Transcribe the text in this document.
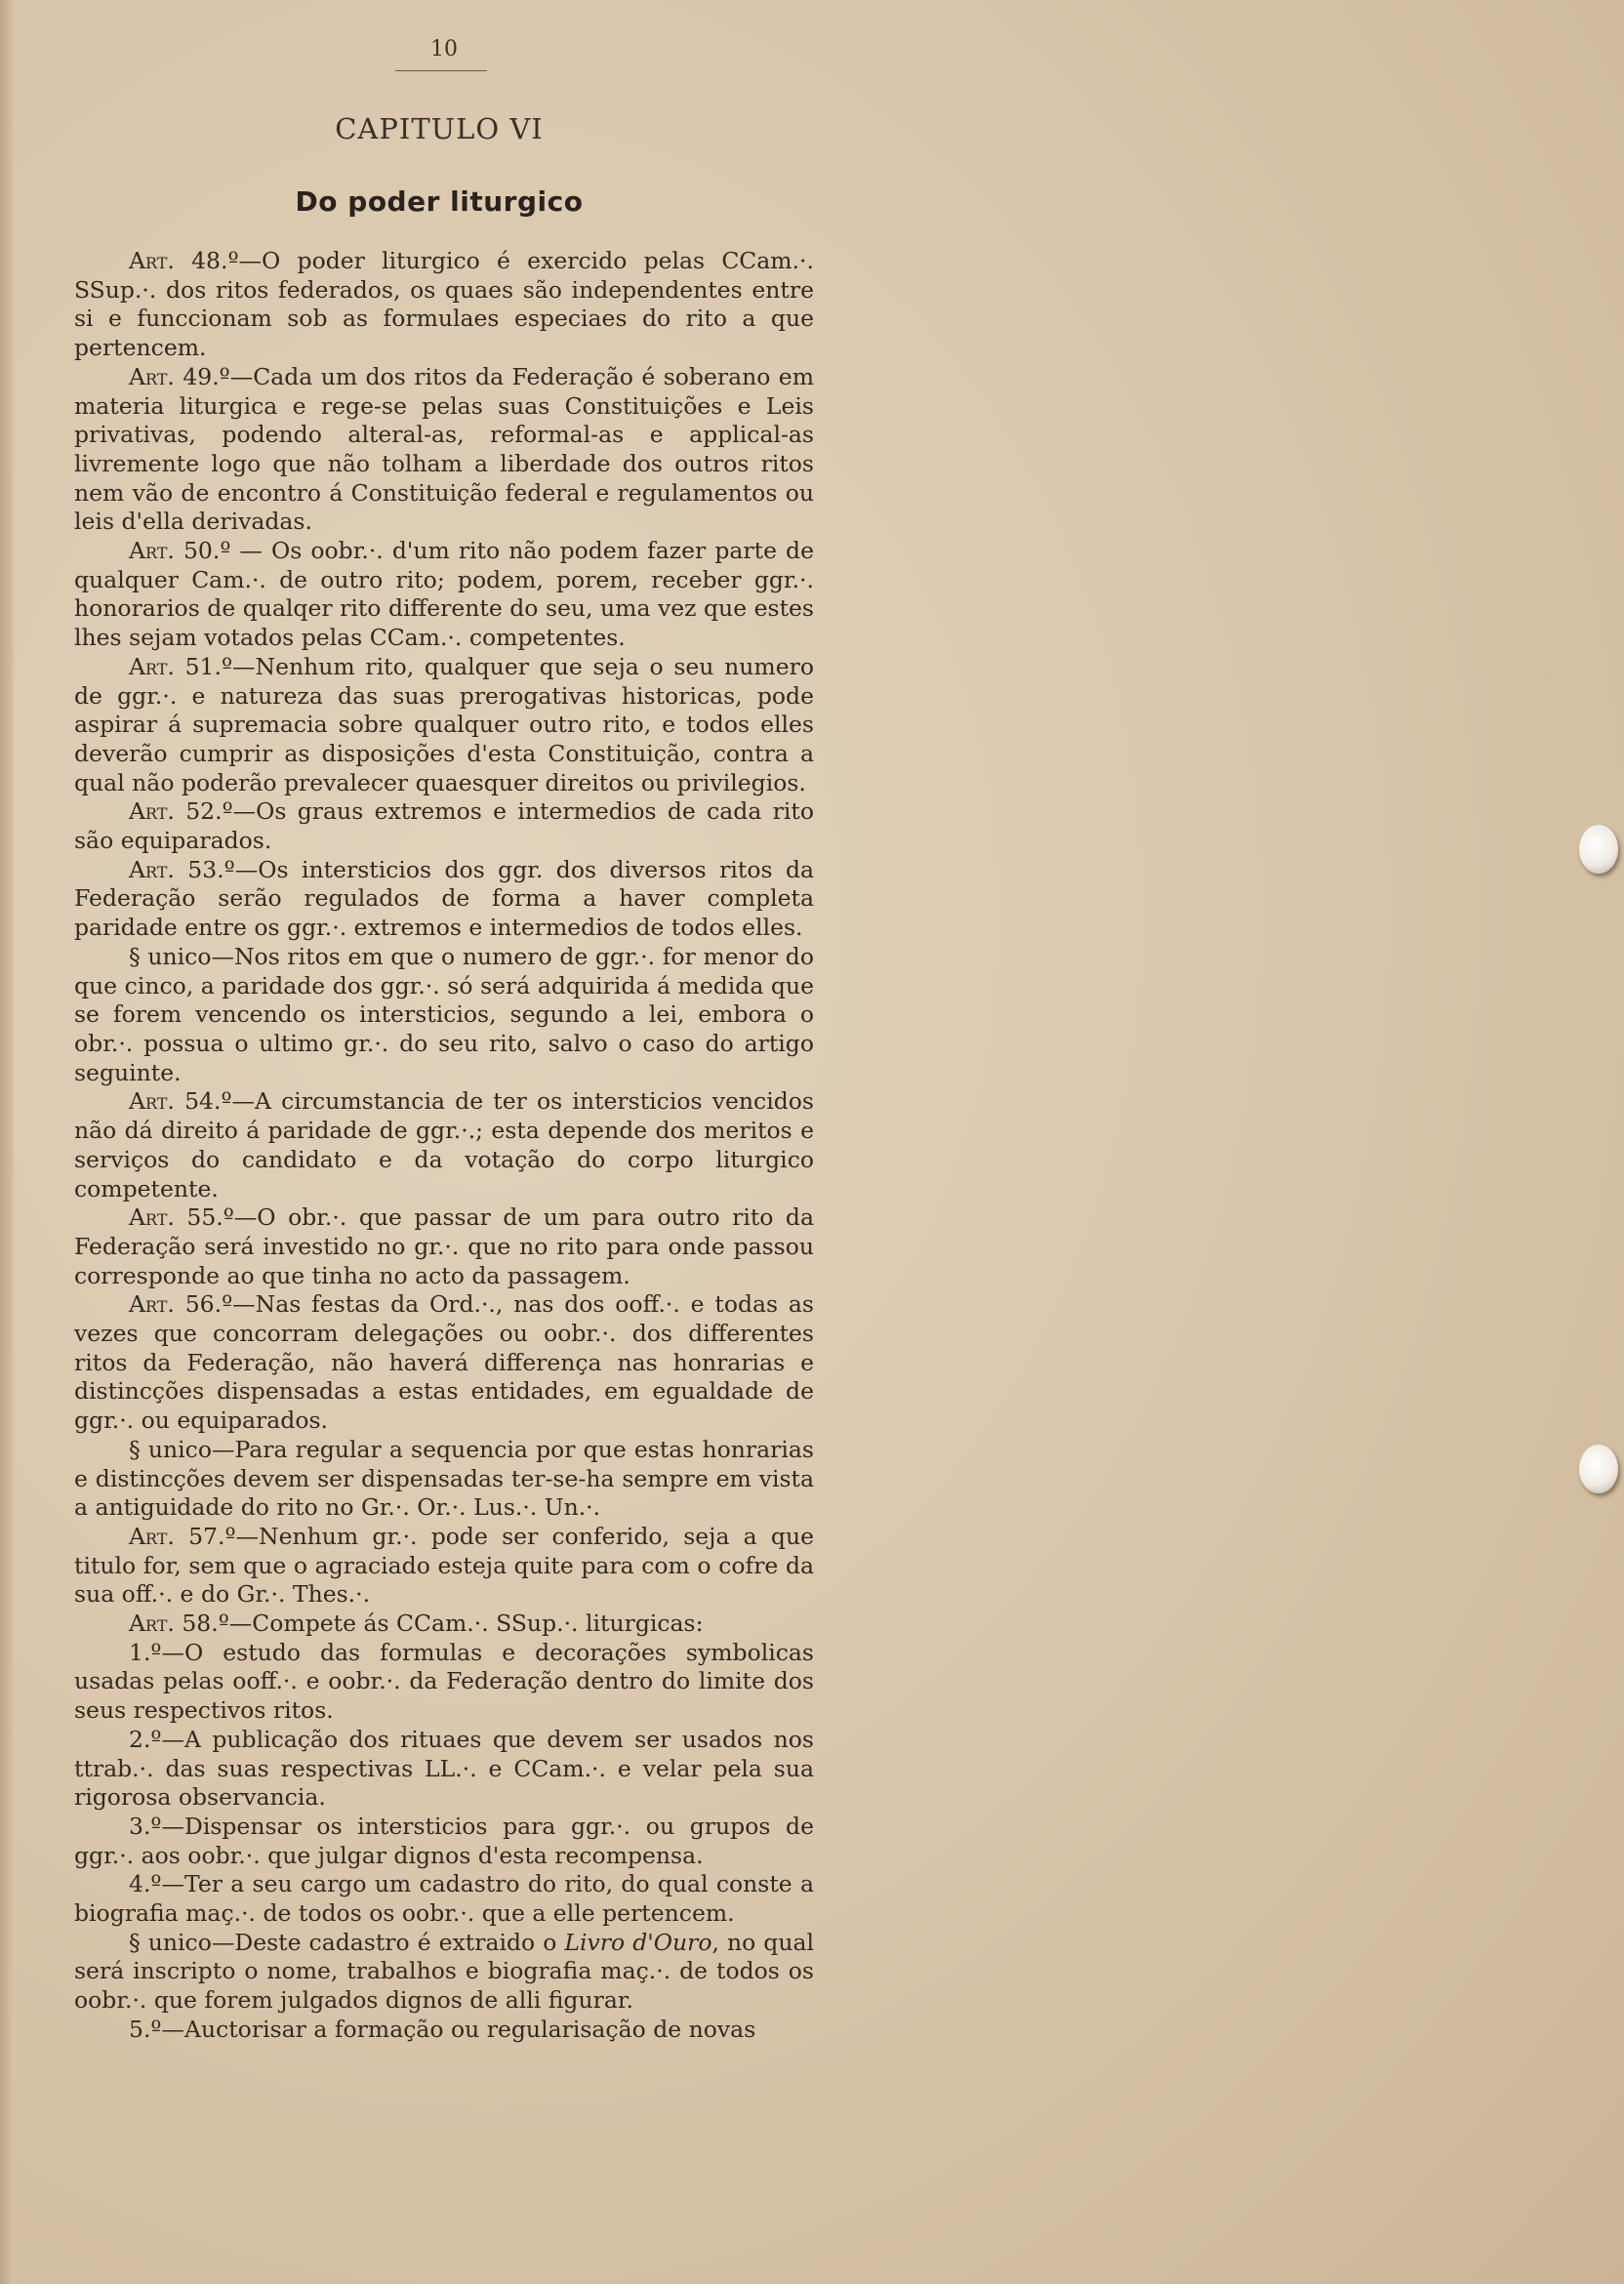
10
CAPITULO VI
Do poder liturgico

Art. 48.º—O poder liturgico é exercido pelas CCam.·. SSup.·. dos ritos federados, os quaes são independentes entre si e funccionam sob as formulaes especiaes do rito a que pertencem.

Art. 49.º—Cada um dos ritos da Federação é soberano em materia liturgica e rege-se pelas suas Constituições e Leis privativas, podendo alteral-as, reformal-as e applical-as livremente logo que não tolham a liberdade dos outros ritos nem vão de encontro á Constituição federal e regulamentos ou leis d'ella derivadas.

Art. 50.º — Os oobr.·. d'um rito não podem fazer parte de qualquer Cam.·. de outro rito; podem, porem, receber ggr.·. honorarios de qualqer rito differente do seu, uma vez que estes lhes sejam votados pelas CCam.·. competentes.

Art. 51.º—Nenhum rito, qualquer que seja o seu numero de ggr.·. e natureza das suas prerogativas historicas, pode aspirar á supremacia sobre qualquer outro rito, e todos elles deverão cumprir as disposições d'esta Constituição, contra a qual não poderão prevalecer quaesquer direitos ou privilegios.

Art. 52.º—Os graus extremos e intermedios de cada rito são equiparados.

Art. 53.º—Os intersticios dos ggr. dos diversos ritos da Federação serão regulados de forma a haver completa paridade entre os ggr.·. extremos e intermedios de todos elles.

§ unico—Nos ritos em que o numero de ggr.·. for menor do que cinco, a paridade dos ggr.·. só será adquirida á medida que se forem vencendo os intersticios, segundo a lei, embora o obr.·. possua o ultimo gr.·. do seu rito, salvo o caso do artigo seguinte.

Art. 54.º—A circumstancia de ter os intersticios vencidos não dá direito á paridade de ggr.·.; esta depende dos meritos e serviços do candidato e da votação do corpo liturgico competente.

Art. 55.º—O obr.·. que passar de um para outro rito da Federação será investido no gr.·. que no rito para onde passou corresponde ao que tinha no acto da passagem.

Art. 56.º—Nas festas da Ord.·., nas dos ooff.·. e todas as vezes que concorram delegações ou oobr.·. dos differentes ritos da Federação, não haverá differença nas honrarias e distincções dispensadas a estas entidades, em egualdade de ggr.·. ou equiparados.

§ unico—Para regular a sequencia por que estas honrarias e distincções devem ser dispensadas ter-se-ha sempre em vista a antiguidade do rito no Gr.·. Or.·. Lus.·. Un.·.

Art. 57.º—Nenhum gr.·. pode ser conferido, seja a que titulo for, sem que o agraciado esteja quite para com o cofre da sua off.·. e do Gr.·. Thes.·.

Art. 58.º—Compete ás CCam.·. SSup.·. liturgicas:

1.º—O estudo das formulas e decorações symbolicas usadas pelas ooff.·. e oobr.·. da Federação dentro do limite dos seus respectivos ritos.

2.º—A publicação dos rituaes que devem ser usados nos ttrab.·. das suas respectivas LL.·. e CCam.·. e velar pela sua rigorosa observancia.

3.º—Dispensar os intersticios para ggr.·. ou grupos de ggr.·. aos oobr.·. que julgar dignos d'esta recompensa.

4.º—Ter a seu cargo um cadastro do rito, do qual conste a biografia maç.·. de todos os oobr.·. que a elle pertencem.

§ unico—Deste cadastro é extraido o Livro d'Ouro, no qual será inscripto o nome, trabalhos e biografia maç.·. de todos os oobr.·. que forem julgados dignos de alli figurar.

5.º—Auctorisar a formação ou regularisação de novas
